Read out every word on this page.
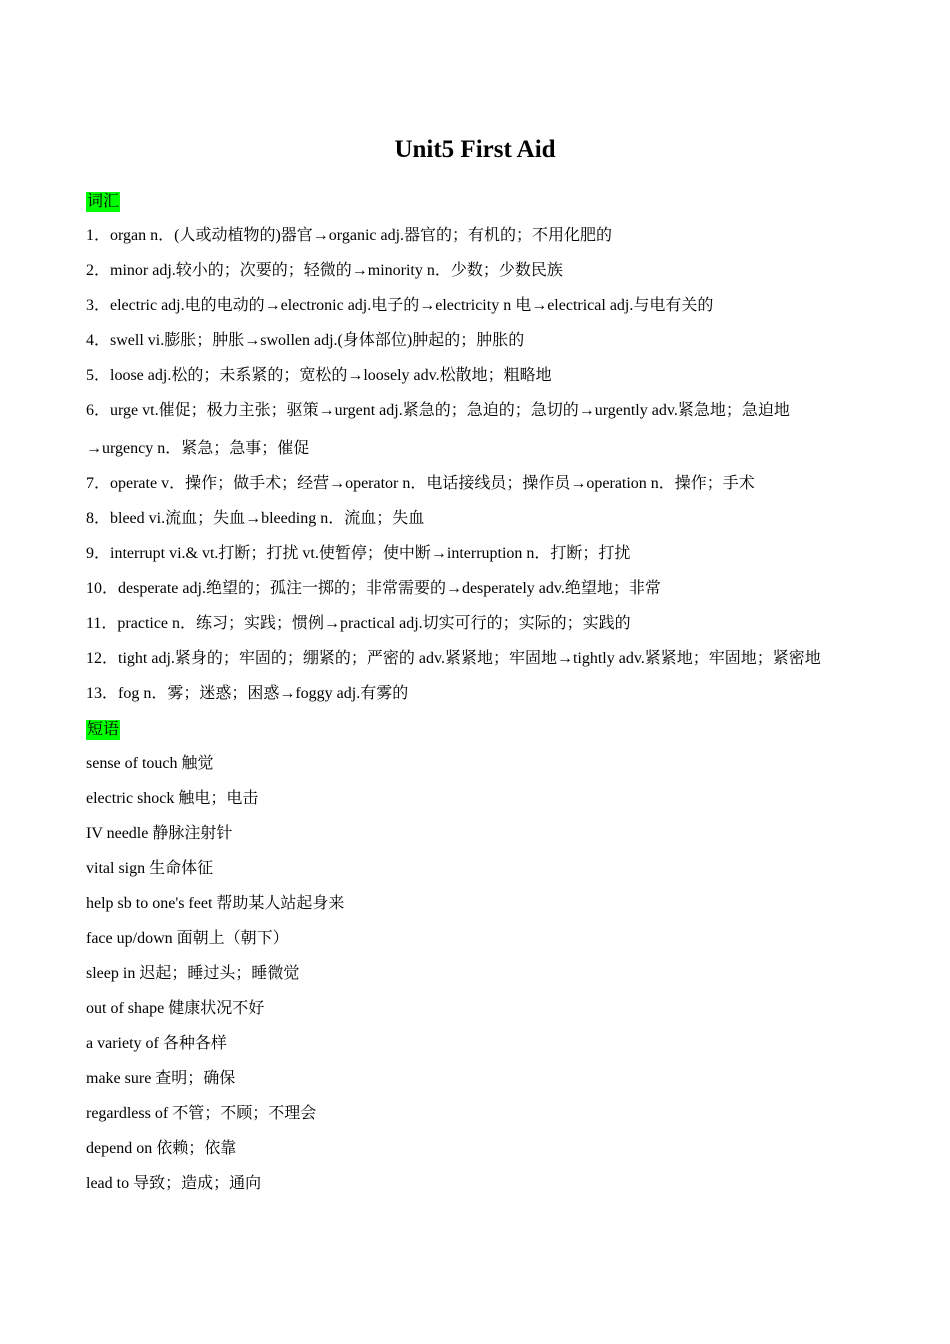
Unit5 First Aid
词汇
1．organ n．(人或动植物的)器官→organic adj.器官的；有机的；不用化肥的
2．minor adj.较小的；次要的；轻微的→minority n．少数；少数民族
3．electric adj.电的电动的→electronic adj.电子的→electricity n 电→electrical adj.与电有关的
4．swell vi.膨胀；肿胀→swollen adj.(身体部位)肿起的；肿胀的
5．loose adj.松的；未系紧的；宽松的→loosely adv.松散地；粗略地
6．urge vt.催促；极力主张；驱策→urgent adj.紧急的；急迫的；急切的→urgently adv.紧急地；急迫地
→urgency n．紧急；急事；催促
7．operate v．操作；做手术；经营→operator n．电话接线员；操作员→operation n．操作；手术
8．bleed vi.流血；失血→bleeding n．流血；失血
9．interrupt vi.& vt.打断；打扰 vt.使暂停；使中断→interruption n．打断；打扰
10．desperate adj.绝望的；孤注一掷的；非常需要的→desperately adv.绝望地；非常
11．practice n．练习；实践；惯例→practical adj.切实可行的；实际的；实践的
12．tight adj.紧身的；牢固的；绷紧的；严密的 adv.紧紧地；牢固地→tightly adv.紧紧地；牢固地；紧密地
13．fog n．雾；迷惑；困惑→foggy adj.有雾的
短语
sense of touch 触觉
electric shock 触电；电击
IV needle 静脉注射针
vital sign 生命体征
help sb to one's feet 帮助某人站起身来
face up/down 面朝上（朝下）
sleep in 迟起；睡过头；睡微觉
out of shape 健康状况不好
a variety of 各种各样
make sure 查明；确保
regardless of 不管；不顾；不理会
depend on 依赖；依靠
lead to 导致；造成；通向
